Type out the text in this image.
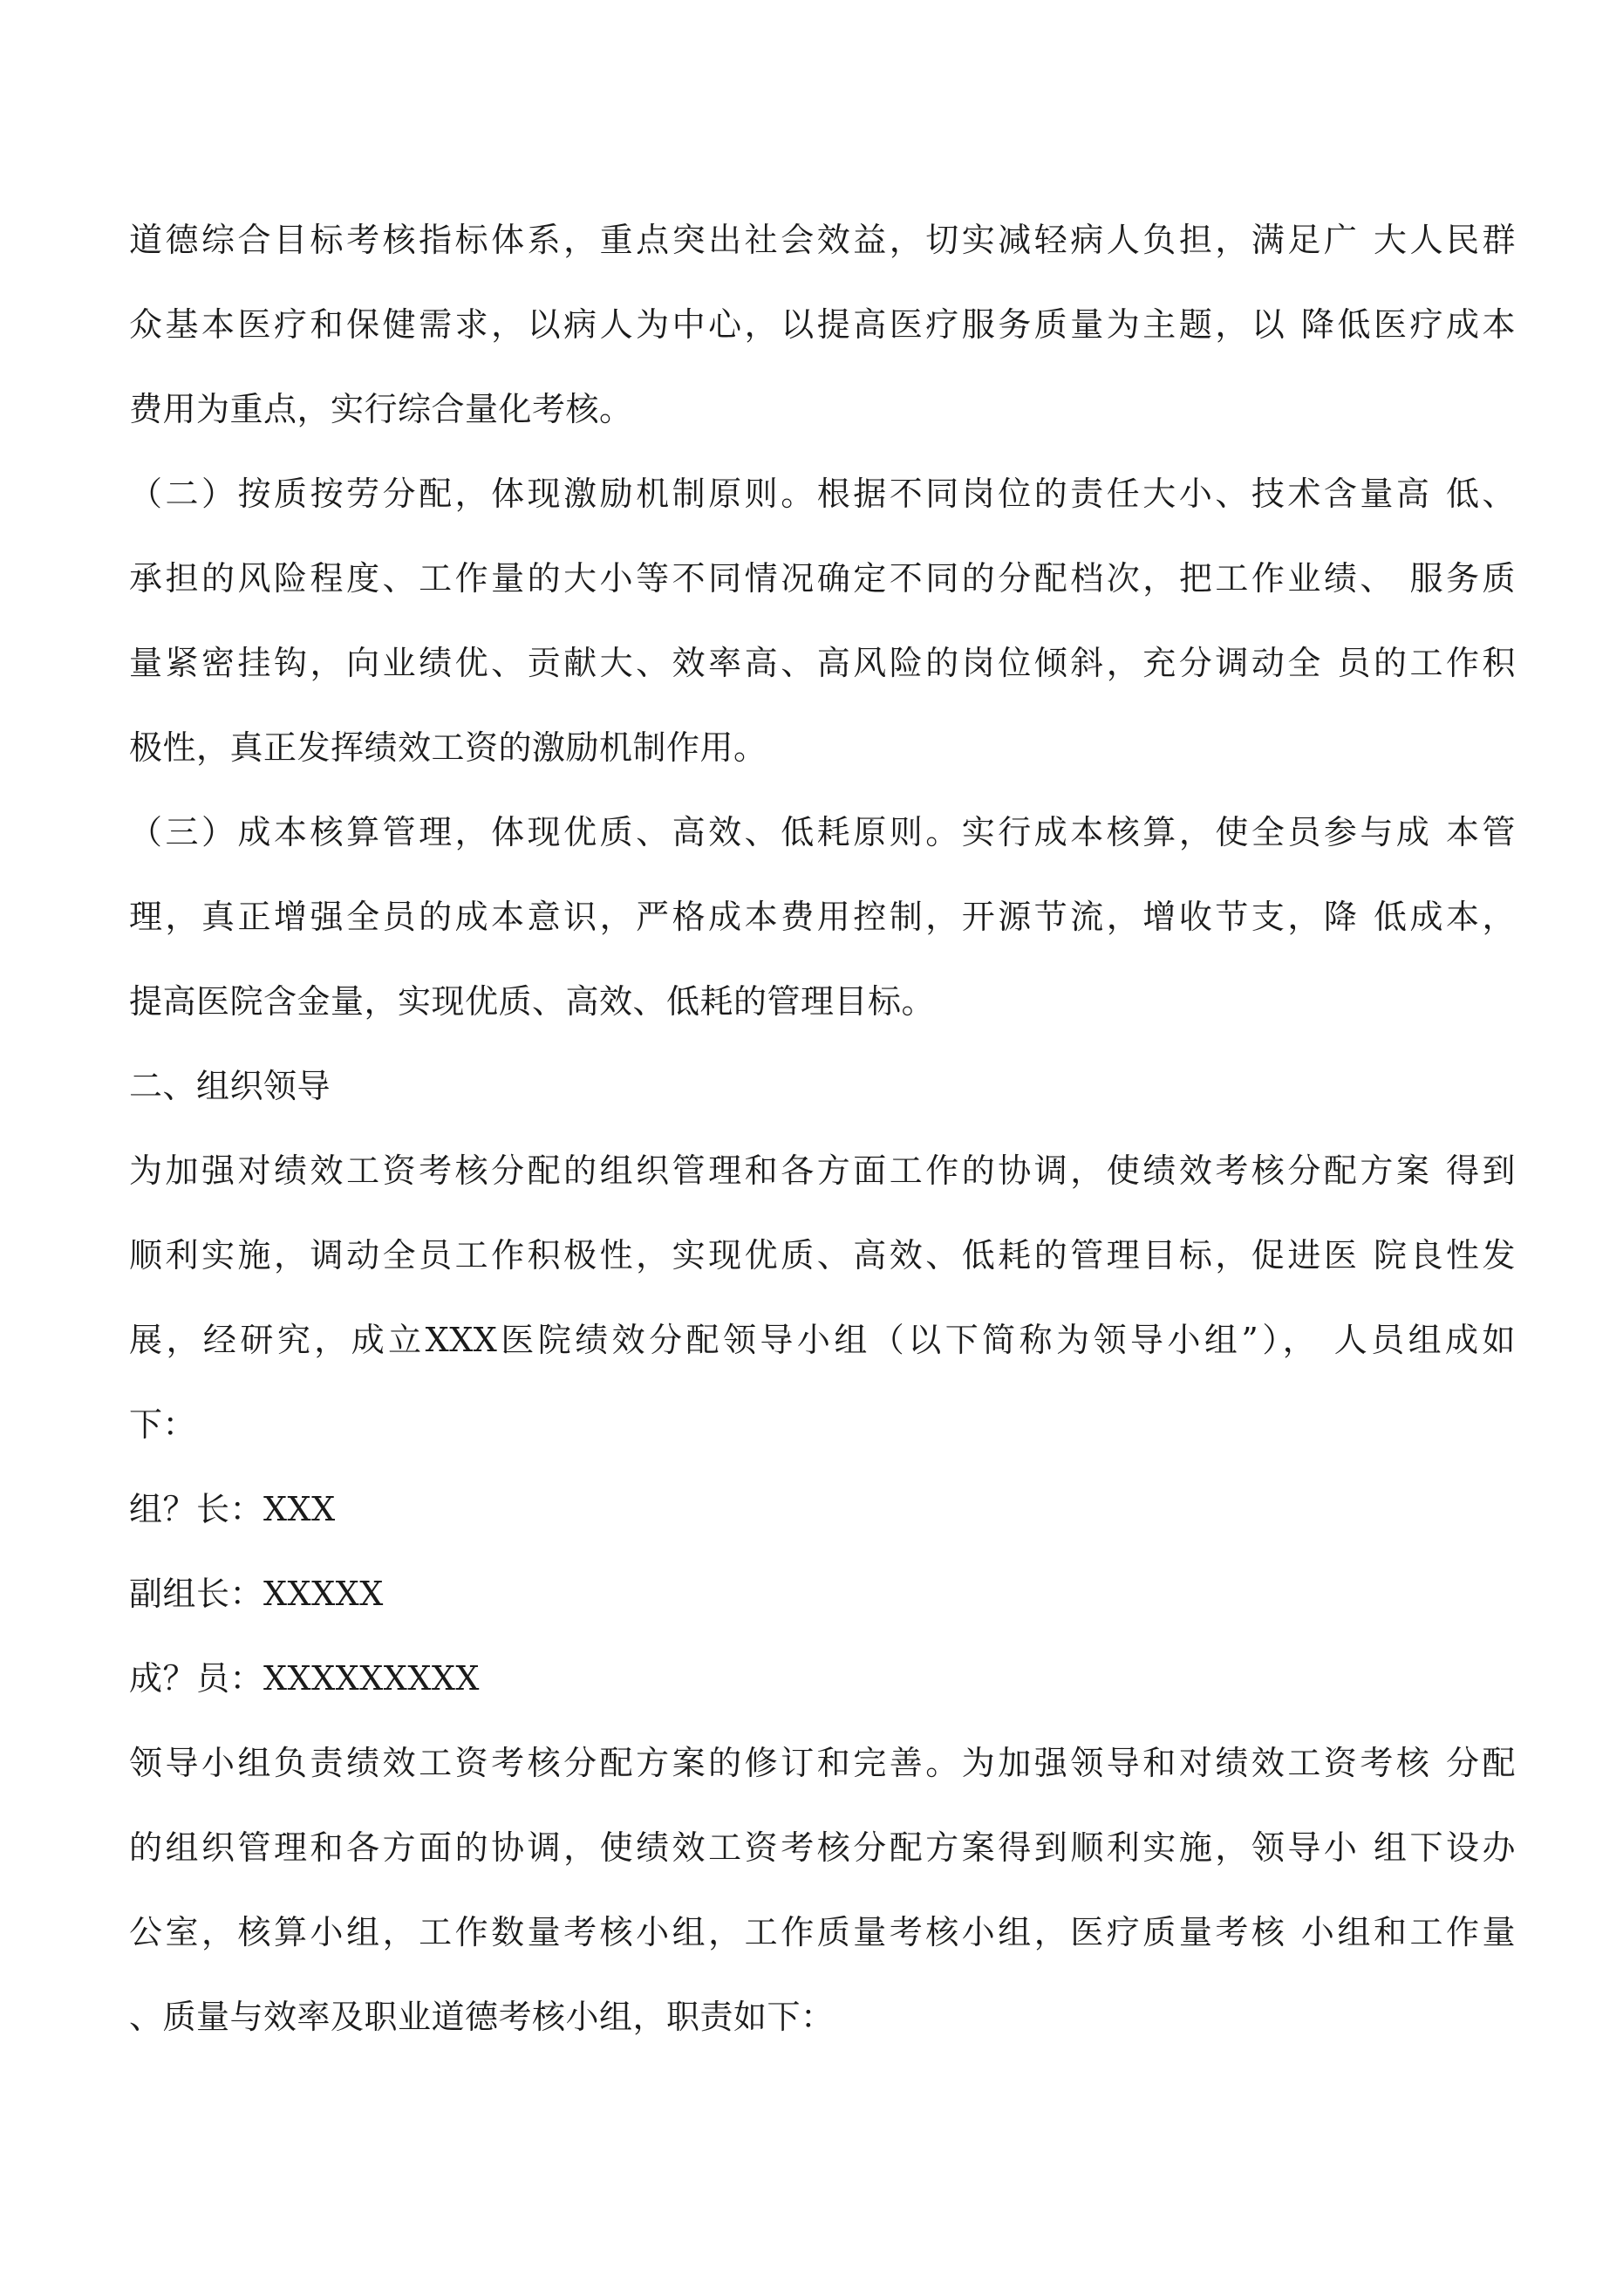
道德综合目标考核指标体系，重点突出社会效益，切实减轻病人负担，满足广 大人民群
众基本医疗和保健需求，以病人为中心，以提高医疗服务质量为主题，以 降低医疗成本
费用为重点，实行综合量化考核。
（二）按质按劳分配，体现激励机制原则。根据不同岗位的责任大小、技术含量高 低、
承担的风险程度、工作量的大小等不同情况确定不同的分配档次，把工作业绩、 服务质
量紧密挂钩，向业绩优、贡献大、效率高、高风险的岗位倾斜，充分调动全 员的工作积
极性，真正发挥绩效工资的激励机制作用。
（三）成本核算管理，体现优质、高效、低耗原则。实行成本核算，使全员参与成 本管
理，真正增强全员的成本意识，严格成本费用控制，开源节流，增收节支，降 低成本，
提高医院含金量，实现优质、高效、低耗的管理目标。
二、组织领导
为加强对绩效工资考核分配的组织管理和各方面工作的协调，使绩效考核分配方案 得到
顺利实施，调动全员工作积极性，实现优质、高效、低耗的管理目标，促进医 院良性发
展，经研究，成立XXX医院绩效分配领导小组（以下简称为领导小组”）， 人员组成如
下：
组？长：XXX
副组长：XXXXX
成？员：XXXXXXXXX
领导小组负责绩效工资考核分配方案的修订和完善。为加强领导和对绩效工资考核 分配
的组织管理和各方面的协调，使绩效工资考核分配方案得到顺利实施，领导小 组下设办
公室，核算小组，工作数量考核小组，工作质量考核小组，医疗质量考核 小组和工作量
、质量与效率及职业道德考核小组，职责如下：
